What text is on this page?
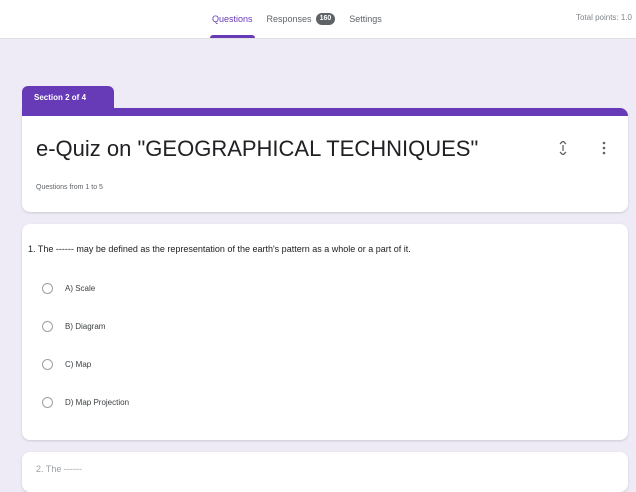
Questions Responses	160	Settings	Total points: 1.0
Section 2 of 4
e-Quiz on "GEOGRAPHICAL TECHNIQUES"
Questions from 1 to 5
1. The ------ may be defined as the representation of the earth's pattern as a whole or a part of it.
A) Scale
B) Diagram
C) Map
D) Map Projection
2. The ------
